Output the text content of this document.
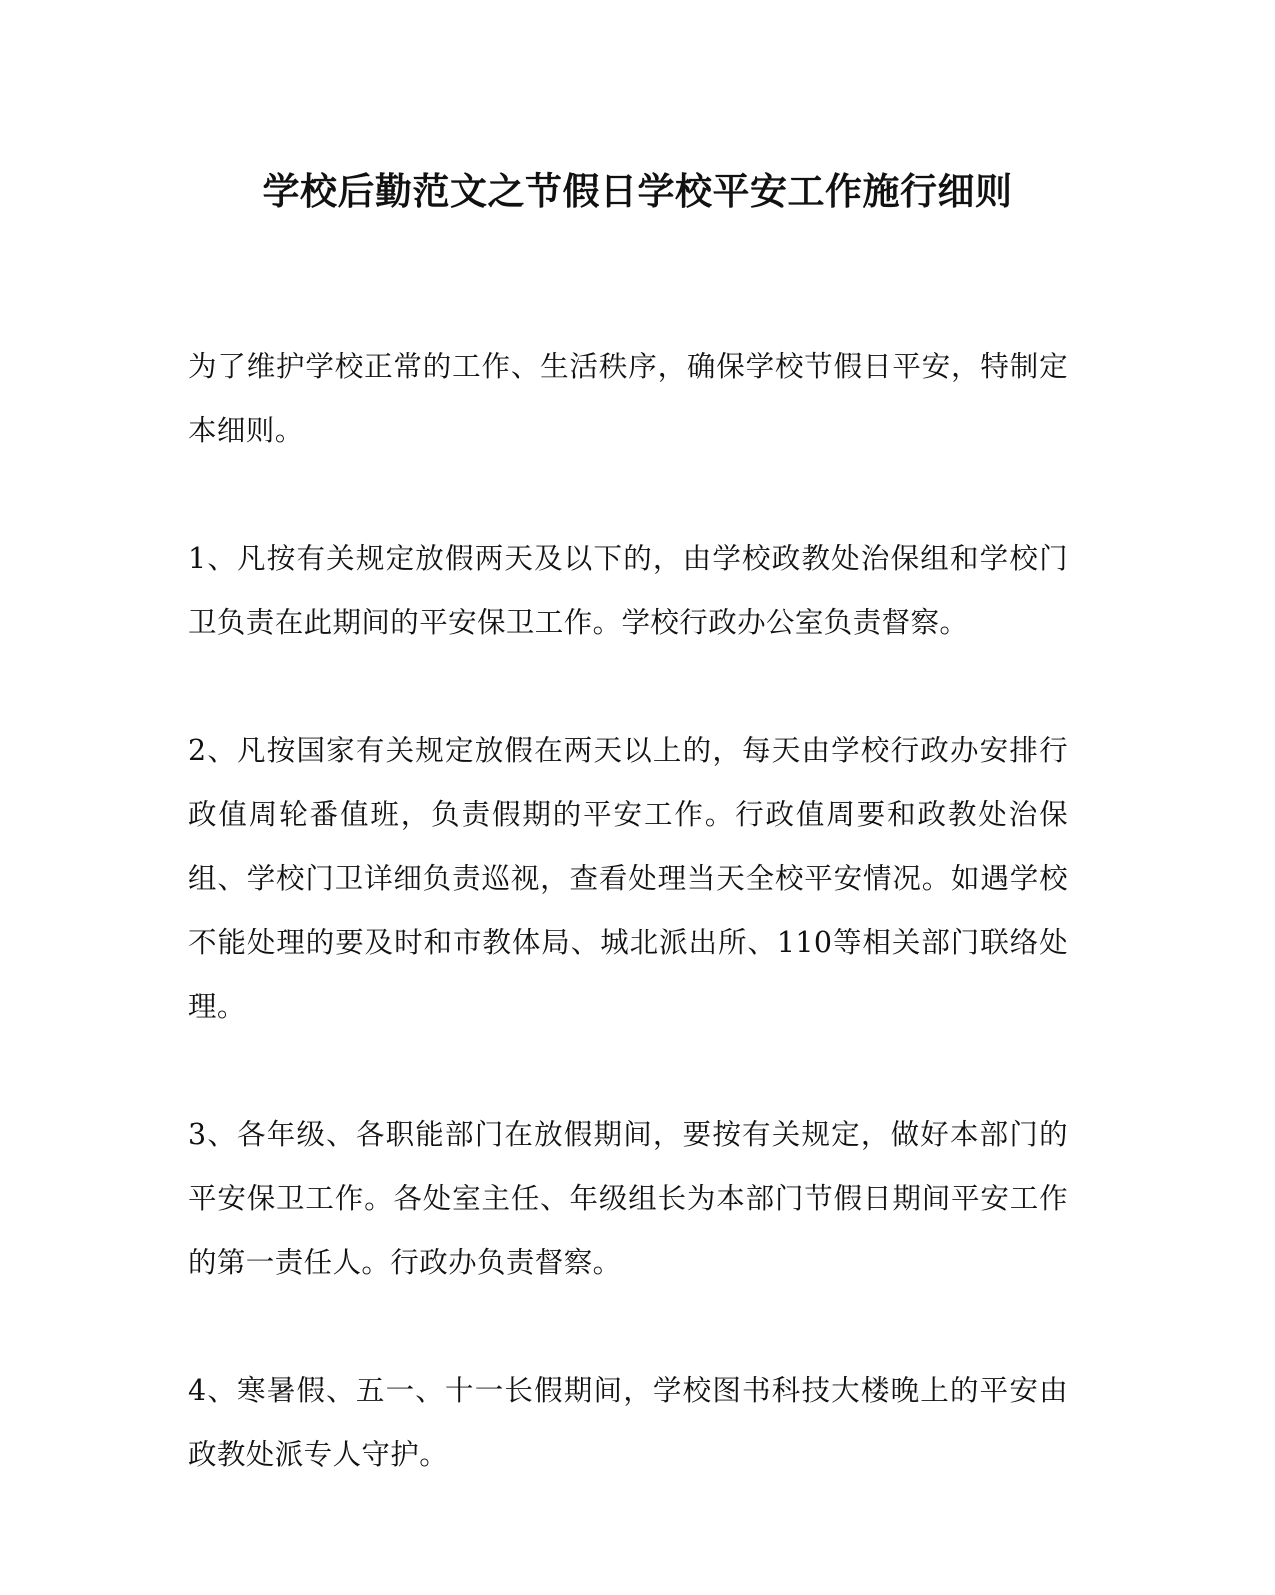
学校后勤范文之节假日学校平安工作施行细则

为了维护学校正常的工作、生活秩序，确保学校节假日平安，特制定本细则。

1、凡按有关规定放假两天及以下的，由学校政教处治保组和学校门卫负责在此期间的平安保卫工作。学校行政办公室负责督察。

2、凡按国家有关规定放假在两天以上的，每天由学校行政办安排行政值周轮番值班，负责假期的平安工作。行政值周要和政教处治保组、学校门卫详细负责巡视，查看处理当天全校平安情况。如遇学校不能处理的要及时和市教体局、城北派出所、110等相关部门联络处理。

3、各年级、各职能部门在放假期间，要按有关规定，做好本部门的平安保卫工作。各处室主任、年级组长为本部门节假日期间平安工作的第一责任人。行政办负责督察。

4、寒暑假、五一、十一长假期间，学校图书科技大楼晚上的平安由政教处派专人守护。
